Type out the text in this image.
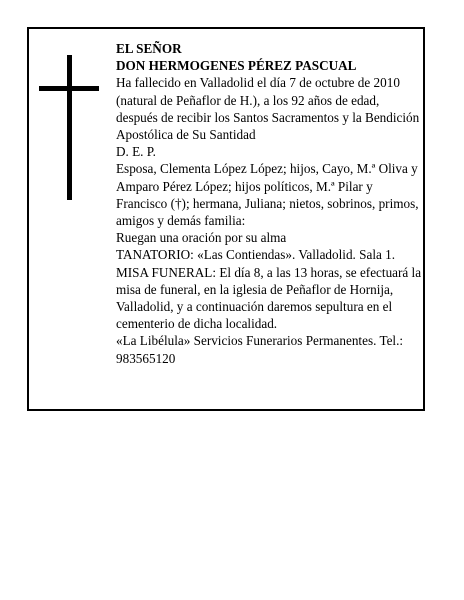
EL SEÑOR

DON HERMOGENES PÉREZ PASCUAL

Ha fallecido en Valladolid el día 7 de octubre de 2010 (natural de Peñaflor de H.), a los 92 años de edad, después de recibir los Santos Sacramentos y la Bendición Apostólica de Su Santidad

D. E. P.

Esposa, Clementa López López; hijos, Cayo, M.ª Oliva y Amparo Pérez López; hijos políticos, M.ª Pilar y Francisco (†); hermana, Juliana; nietos, sobrinos, primos, amigos y demás familia:

Ruegan una oración por su alma

TANATORIO: «Las Contiendas». Valladolid. Sala 1.

MISA FUNERAL: El día 8, a las 13 horas, se efectuará la misa de funeral, en la iglesia de Peñaflor de Hornija, Valladolid, y a continuación daremos sepultura en el cementerio de dicha localidad.

«La Libélula» Servicios Funerarios Permanentes. Tel.: 983565120
